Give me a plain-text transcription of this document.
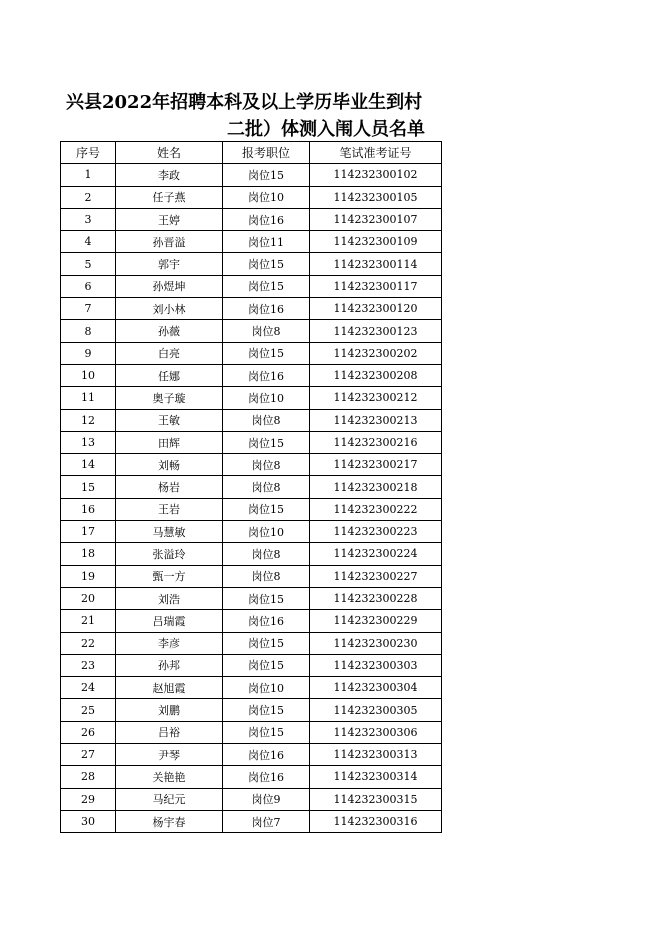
兴县2022年招聘本科及以上学历毕业生到村
二批）体测入闱人员名单
序号	姓名	报考职位	笔试准考证号
1	李政	岗位15	114232300102
2	任子燕	岗位10	114232300105
3	王婷	岗位16	114232300107
4	孙晋溢	岗位11	114232300109
5	郭宇	岗位15	114232300114
6	孙煜坤	岗位15	114232300117
7	刘小林	岗位16	114232300120
8	孙薇	岗位8	114232300123
9	白亮	岗位15	114232300202
10	任娜	岗位16	114232300208
11	奥子璇	岗位10	114232300212
12	王敏	岗位8	114232300213
13	田辉	岗位15	114232300216
14	刘畅	岗位8	114232300217
15	杨岩	岗位8	114232300218
16	王岩	岗位15	114232300222
17	马慧敏	岗位10	114232300223
18	张溢玲	岗位8	114232300224
19	甄一方	岗位8	114232300227
20	刘浩	岗位15	114232300228
21	吕瑞霞	岗位16	114232300229
22	李彦	岗位15	114232300230
23	孙邦	岗位15	114232300303
24	赵旭霞	岗位10	114232300304
25	刘鹏	岗位15	114232300305
26	吕裕	岗位15	114232300306
27	尹琴	岗位16	114232300313
28	关艳艳	岗位16	114232300314
29	马纪元	岗位9	114232300315
30	杨宇春	岗位7	114232300316
